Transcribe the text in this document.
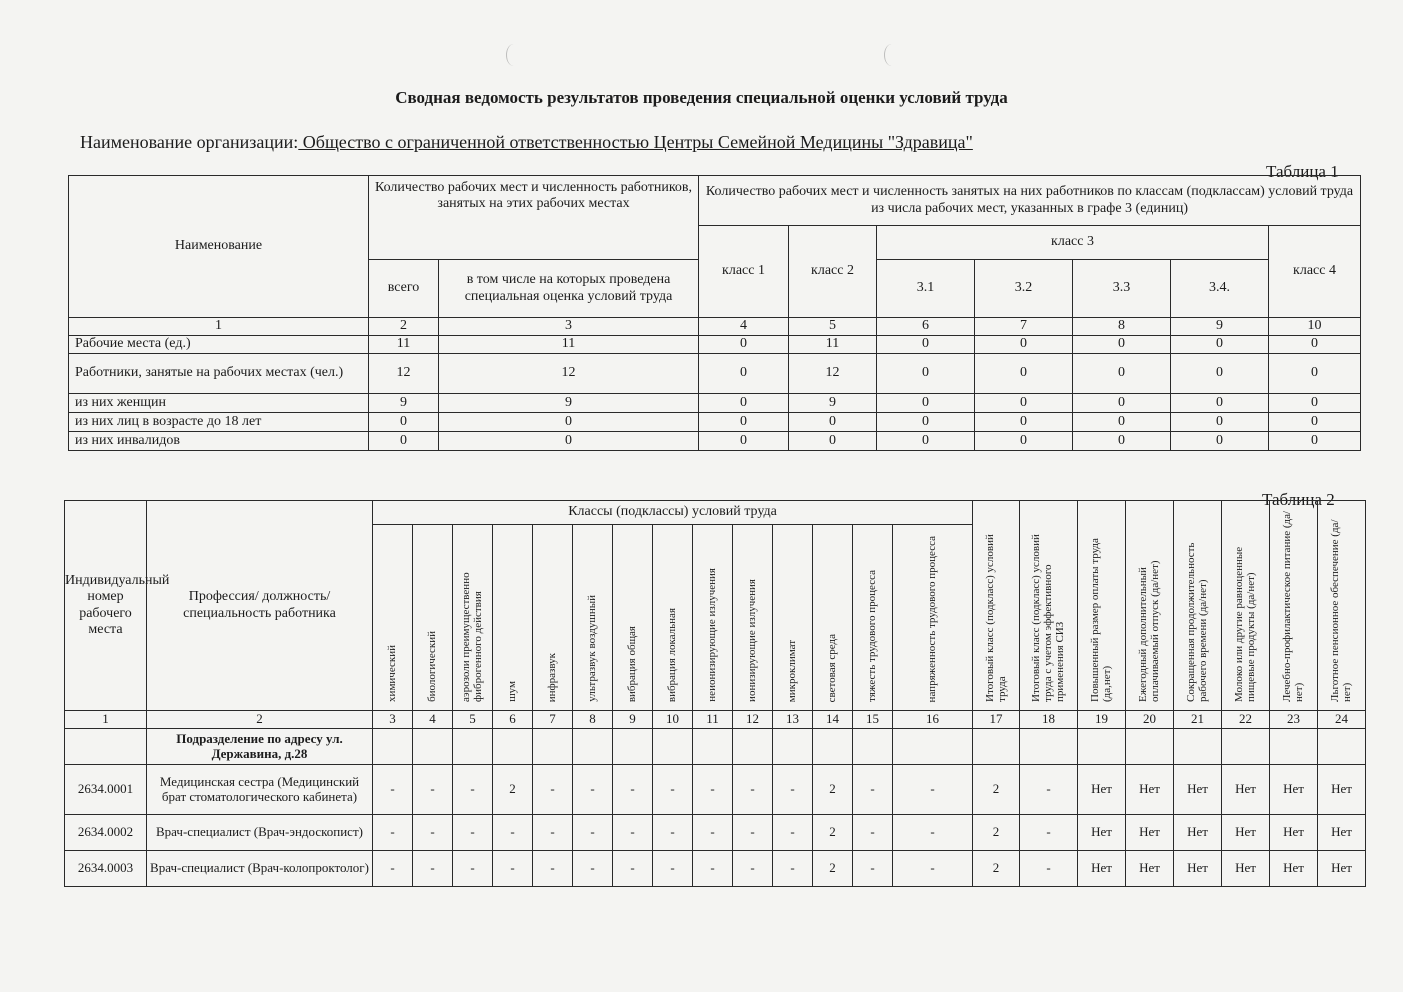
Сводная ведомость результатов проведения специальной оценки условий труда
Наименование организации: Общество с ограниченной ответственностью Центры Семейной Медицины "Здравица"
Таблица 1
Наименование	Количество рабочих мест и численность работников, занятых на этих рабочих местах		Количество рабочих мест и численность занятых на них работников по классам (подклассам) условий труда из числа рабочих мест, указанных в графе 3 (единиц)						
			класс 1	класс 2	класс 3				класс 4
	всего	в том числе на которых проведена специальная оценка условий труда			3.1	3.2	3.3	3.4.	
1	2	3	4	5	6	7	8	9	10
Рабочие места (ед.)	11	11	0	11	0	0	0	0	0
Работники, занятые на рабочих местах (чел.)	12	12	0	12	0	0	0	0	0
из них женщин	9	9	0	9	0	0	0	0	0
из них лиц в возрасте до 18 лет	0	0	0	0	0	0	0	0	0
из них инвалидов	0	0	0	0	0	0	0	0	0
Таблица 2
Индивидуальный номер рабочего места	Профессия/ должность/ специальность работника	Классы (подклассы) условий труда														Итоговый класс (подкласс) условий труда	Итоговый класс (подкласс) условий труда с учетом эффективного применения СИЗ	Повышенный размер оплаты труда (да,нет)	Ежегодный дополнительный оплачиваемый отпуск (да/нет)	Сокращенная продолжительность рабочего времени (да/нет)	Молоко или другие равноценные пищевые продукты (да/нет)	Лечебно-профилактическое питание (да/нет)	Льготное пенсионное обеспечение (да/нет)
		химический	биологический	аэрозоли преимущественно фиброгенного действия	шум	инфразвук	ультразвук воздушный	вибрация общая	вибрация локальная	неионизирующие излучения	ионизирующие излучения	микроклимат	световая среда	тяжесть трудового процесса	напряженность трудового процесса								
1	2	3	4	5	6	7	8	9	10	11	12	13	14	15	16	17	18	19	20	21	22	23	24
	Подразделение по адресу ул. Державина, д.28																						
2634.0001	Медицинская сестра (Медицинский брат стоматологического кабинета)	-	-	-	2	-	-	-	-	-	-	-	2	-	-	2	-	Нет	Нет	Нет	Нет	Нет	Нет
2634.0002	Врач-специалист (Врач-эндоскопист)	-	-	-	-	-	-	-	-	-	-	-	2	-	-	2	-	Нет	Нет	Нет	Нет	Нет	Нет
2634.0003	Врач-специалист (Врач-колопроктолог)	-	-	-	-	-	-	-	-	-	-	-	2	-	-	2	-	Нет	Нет	Нет	Нет	Нет	Нет
